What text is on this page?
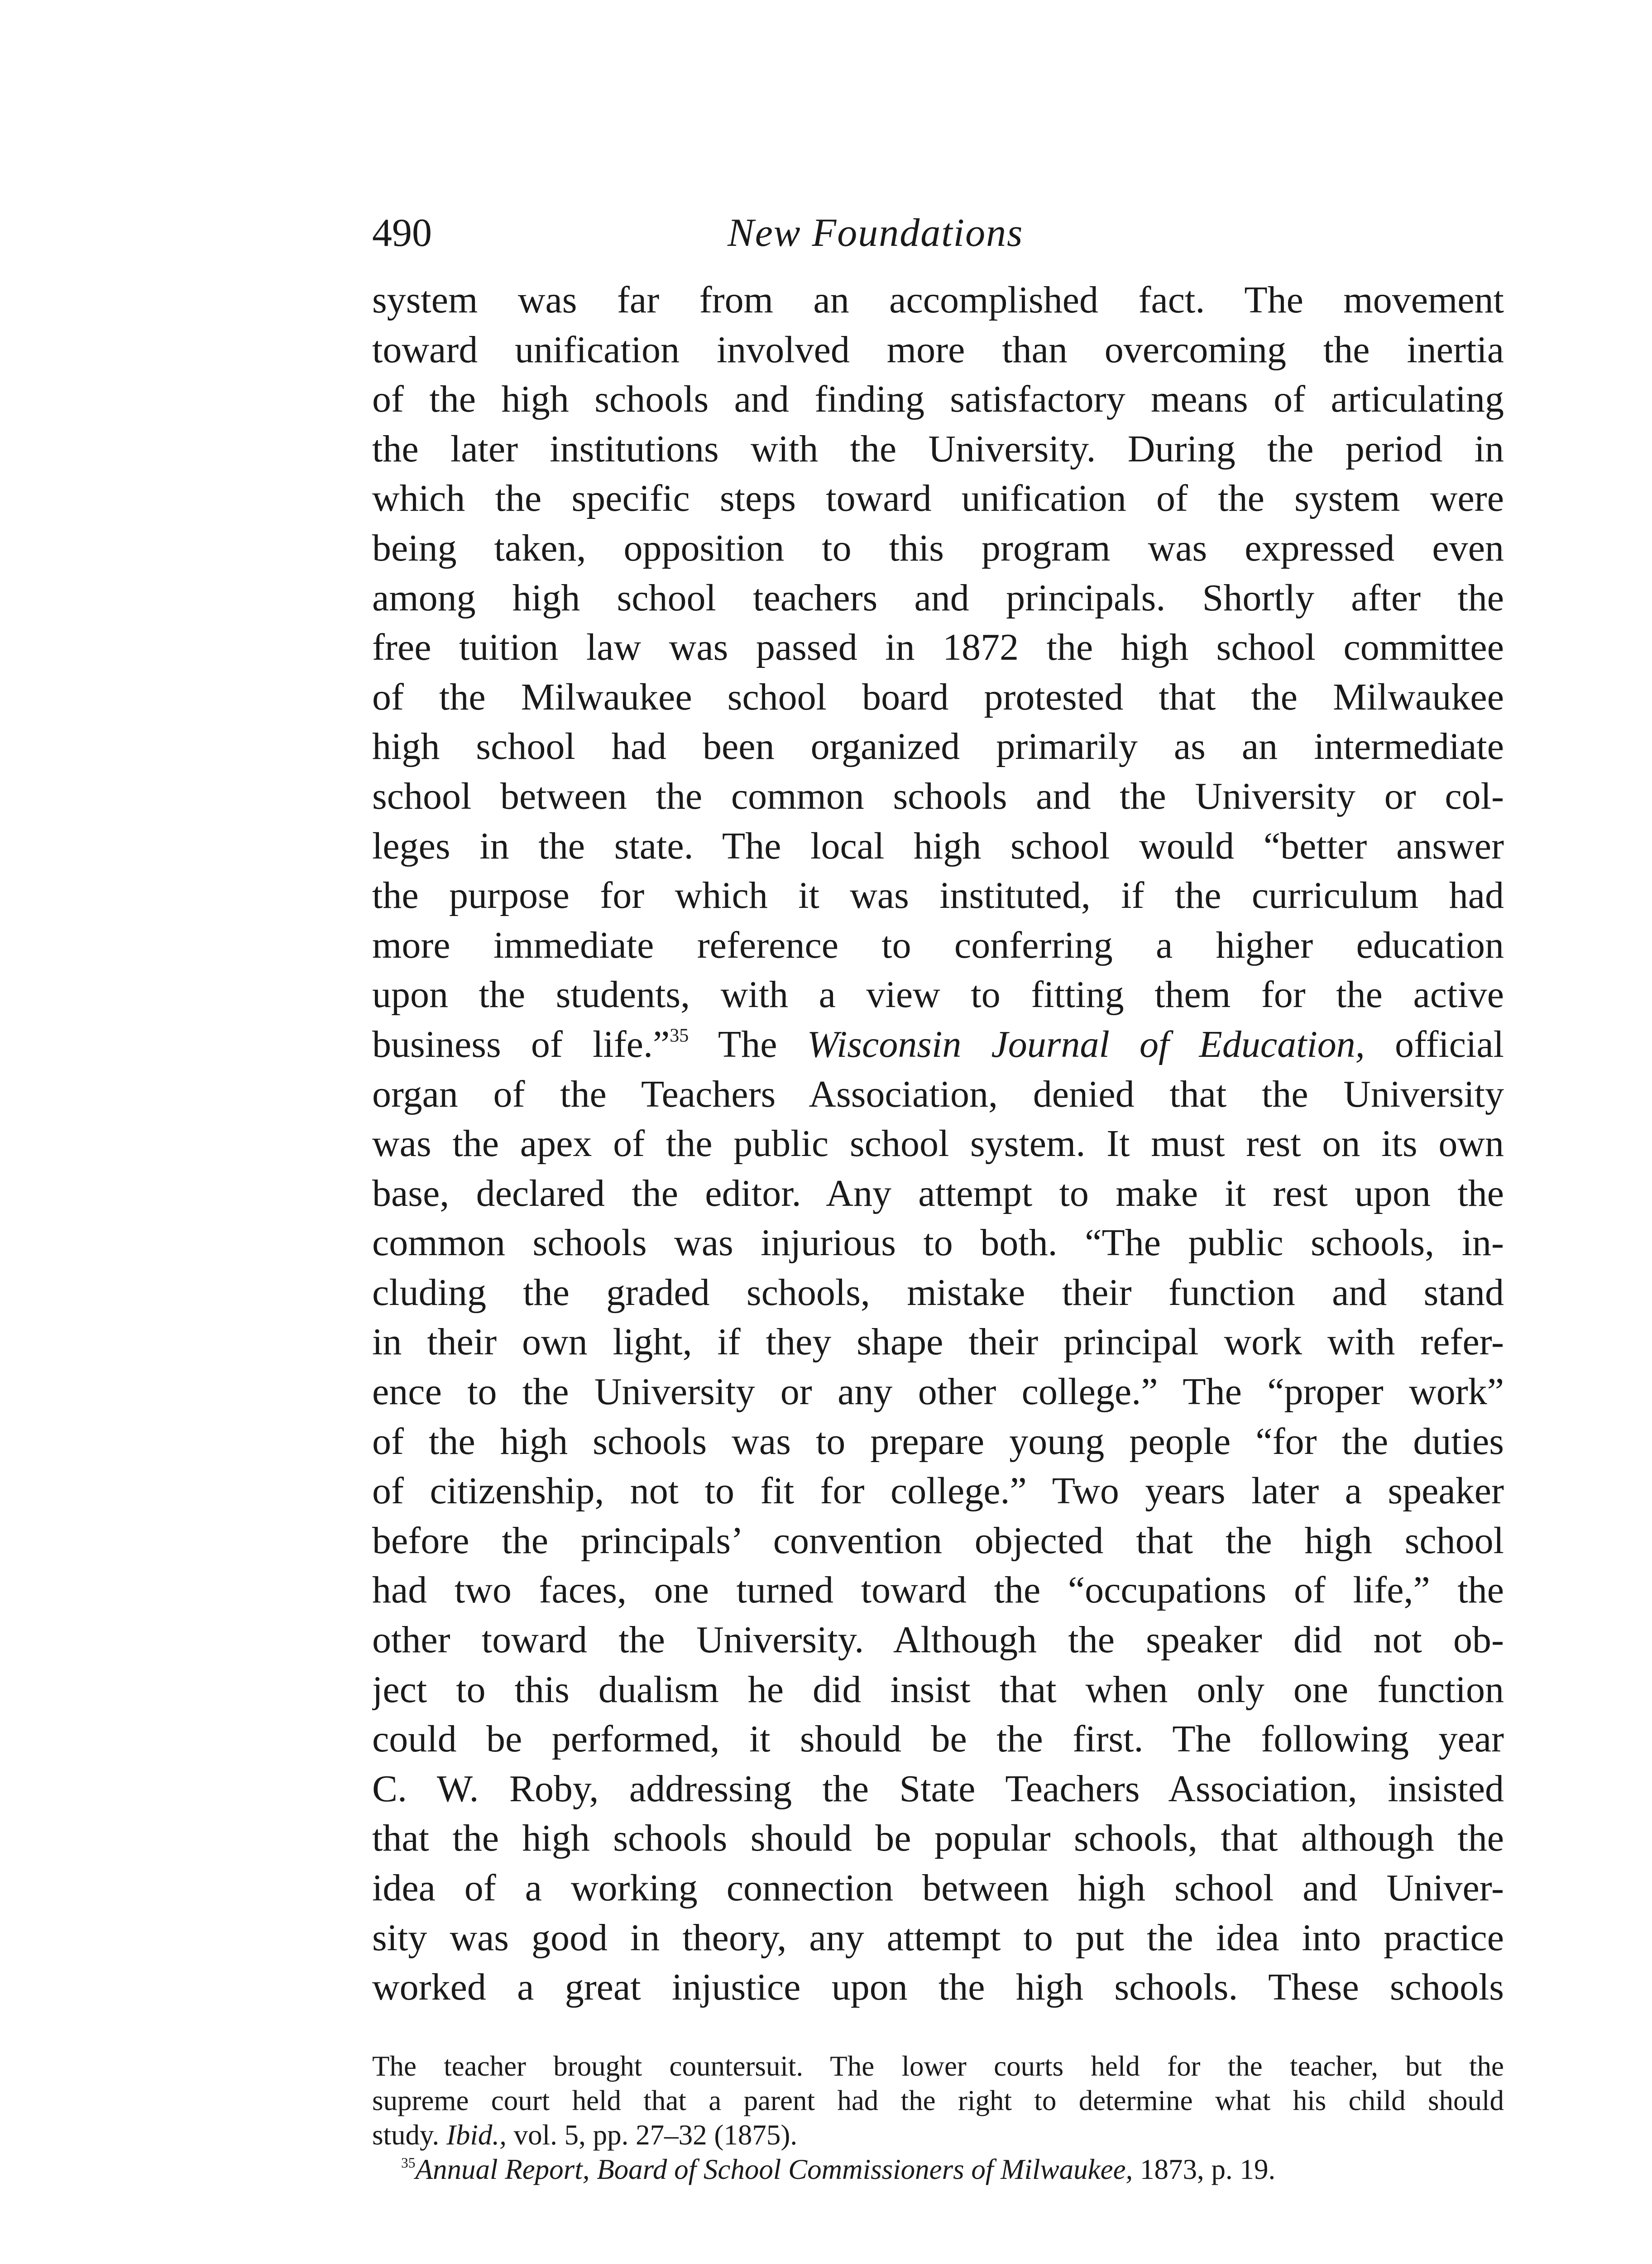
490	New Foundations
system was far from an accomplished fact. The movement
toward unification involved more than overcoming the inertia
of the high schools and finding satisfactory means of articulating
the later institutions with the University. During the period in
which the specific steps toward unification of the system were
being taken, opposition to this program was expressed even
among high school teachers and principals. Shortly after the
free tuition law was passed in 1872 the high school committee
of the Milwaukee school board protested that the Milwaukee
high school had been organized primarily as an intermediate
school between the common schools and the University or col-
leges in the state. The local high school would “better answer
the purpose for which it was instituted, if the curriculum had
more immediate reference to conferring a higher education
upon the students, with a view to fitting them for the active
business of life.”$^{35}$ The Wisconsin Journal of Education, official
organ of the Teachers Association, denied that the University
was the apex of the public school system. It must rest on its own
base, declared the editor. Any attempt to make it rest upon the
common schools was injurious to both. “The public schools, in-
cluding the graded schools, mistake their function and stand
in their own light, if they shape their principal work with refer-
ence to the University or any other college.” The “proper work”
of the high schools was to prepare young people “for the duties
of citizenship, not to fit for college.” Two years later a speaker
before the principals’ convention objected that the high school
had two faces, one turned toward the “occupations of life,” the
other toward the University. Although the speaker did not ob-
ject to this dualism he did insist that when only one function
could be performed, it should be the first. The following year
C. W. Roby, addressing the State Teachers Association, insisted
that the high schools should be popular schools, that although the
idea of a working connection between high school and Univer-
sity was good in theory, any attempt to put the idea into practice
worked a great injustice upon the high schools. These schools
The teacher brought countersuit. The lower courts held for the teacher, but the
supreme court held that a parent had the right to determine what his child should
study. Ibid., vol. 5, pp. 27–32 (1875).
$^{35}$Annual Report, Board of School Commissioners of Milwaukee, 1873, p. 19.
